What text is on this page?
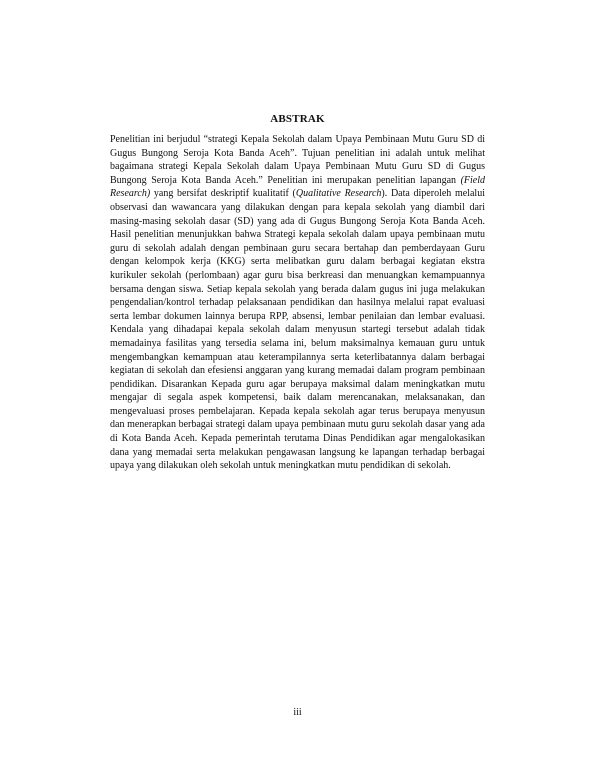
ABSTRAK

Penelitian ini berjudul “strategi Kepala Sekolah dalam Upaya Pembinaan Mutu Guru SD di Gugus Bungong Seroja Kota Banda Aceh”. Tujuan penelitian ini adalah untuk melihat bagaimana strategi Kepala Sekolah dalam Upaya Pembinaan Mutu Guru SD di Gugus Bungong Seroja Kota Banda Aceh.” Penelitian ini merupakan penelitian lapangan (Field Research) yang bersifat deskriptif kualitatif (Qualitative Research). Data diperoleh melalui observasi dan wawancara yang dilakukan dengan para kepala sekolah yang diambil dari masing-masing sekolah dasar (SD) yang ada di Gugus Bungong Seroja Kota Banda Aceh. Hasil penelitian menunjukkan bahwa Strategi kepala sekolah dalam upaya pembinaan mutu guru di sekolah adalah dengan pembinaan guru secara bertahap dan pemberdayaan Guru dengan kelompok kerja (KKG) serta melibatkan guru dalam berbagai kegiatan ekstra kurikuler sekolah (perlombaan) agar guru bisa berkreasi dan menuangkan kemampuannya bersama dengan siswa. Setiap kepala sekolah yang berada dalam gugus ini juga melakukan pengendalian/kontrol terhadap pelaksanaan pendidikan dan hasilnya melalui rapat evaluasi serta lembar dokumen lainnya berupa RPP, absensi, lembar penilaian dan lembar evaluasi. Kendala yang dihadapai kepala sekolah dalam menyusun startegi tersebut adalah tidak memadainya fasilitas yang tersedia selama ini, belum maksimalnya kemauan guru untuk mengembangkan kemampuan atau keterampilannya serta keterlibatannya dalam berbagai kegiatan di sekolah dan efesiensi anggaran yang kurang memadai dalam program pembinaan pendidikan. Disarankan Kepada guru agar berupaya maksimal dalam meningkatkan mutu mengajar di segala aspek kompetensi, baik dalam merencanakan, melaksanakan, dan mengevaluasi proses pembelajaran. Kepada kepala sekolah agar terus berupaya menyusun dan menerapkan berbagai strategi dalam upaya pembinaan mutu guru sekolah dasar yang ada di Kota Banda Aceh. Kepada pemerintah terutama Dinas Pendidikan agar mengalokasikan dana yang memadai serta melakukan pengawasan langsung ke lapangan terhadap berbagai upaya yang dilakukan oleh sekolah untuk meningkatkan mutu pendidikan di sekolah.

iii
